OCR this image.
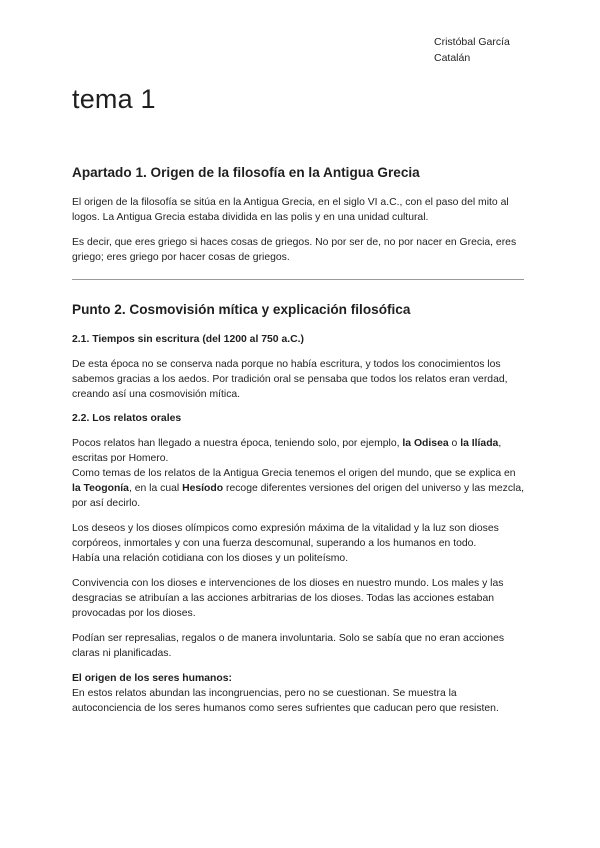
Cristóbal García
Catalán
tema 1
Apartado 1. Origen de la filosofía en la Antigua Grecia

El origen de la filosofía se sitúa en la Antigua Grecia, en el siglo VI a.C., con el paso del mito al logos. La Antigua Grecia estaba dividida en las polis y en una unidad cultural.

Es decir, que eres griego si haces cosas de griegos. No por ser de, no por nacer en Grecia, eres griego; eres griego por hacer cosas de griegos.

Punto 2. Cosmovisión mítica y explicación filosófica
2.1. Tiempos sin escritura (del 1200 al 750 a.C.)

De esta época no se conserva nada porque no había escritura, y todos los conocimientos los sabemos gracias a los aedos. Por tradición oral se pensaba que todos los relatos eran verdad, creando así una cosmovisión mítica.

2.2. Los relatos orales

Pocos relatos han llegado a nuestra época, teniendo solo, por ejemplo, la Odisea o la Ilíada, escritas por Homero.
Como temas de los relatos de la Antigua Grecia tenemos el origen del mundo, que se explica en la Teogonía, en la cual Hesíodo recoge diferentes versiones del origen del universo y las mezcla, por así decirlo.

Los deseos y los dioses olímpicos como expresión máxima de la vitalidad y la luz son dioses corpóreos, inmortales y con una fuerza descomunal, superando a los humanos en todo.
Había una relación cotidiana con los dioses y un politeísmo.

Convivencia con los dioses e intervenciones de los dioses en nuestro mundo. Los males y las desgracias se atribuían a las acciones arbitrarias de los dioses. Todas las acciones estaban provocadas por los dioses.

Podían ser represalias, regalos o de manera involuntaria. Solo se sabía que no eran acciones claras ni planificadas.

El origen de los seres humanos:
En estos relatos abundan las incongruencias, pero no se cuestionan. Se muestra la autoconciencia de los seres humanos como seres sufrientes que caducan pero que resisten.
